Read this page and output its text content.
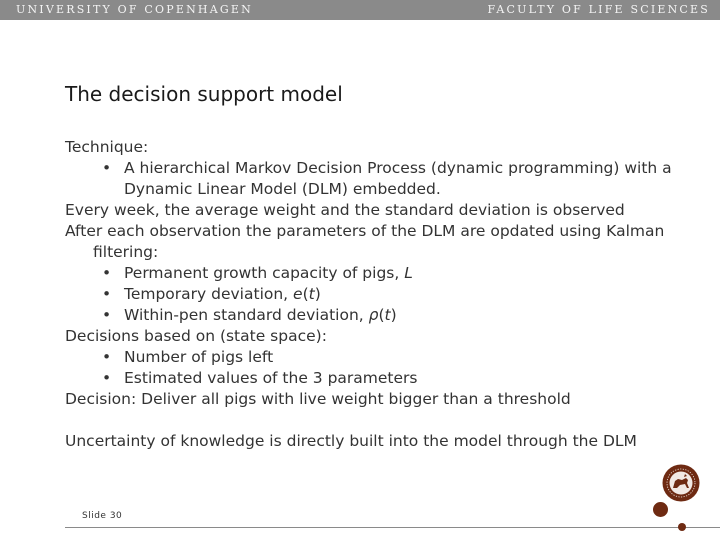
UNIVERSITY OF COPENHAGEN	FACULTY OF LIFE SCIENCES
The decision support model
Technique:
• A hierarchical Markov Decision Process (dynamic programming) with a
Dynamic Linear Model (DLM) embedded.
Every week, the average weight and the standard deviation is observed
After each observation the parameters of the DLM are opdated using Kalman
filtering:
• Permanent growth capacity of pigs, L
• Temporary deviation, e(t)
• Within-pen standard deviation, ρ(t)
Decisions based on (state space):
• Number of pigs left
• Estimated values of the 3 parameters
Decision: Deliver all pigs with live weight bigger than a threshold
Uncertainty of knowledge is directly built into the model through the DLM
Slide 30
